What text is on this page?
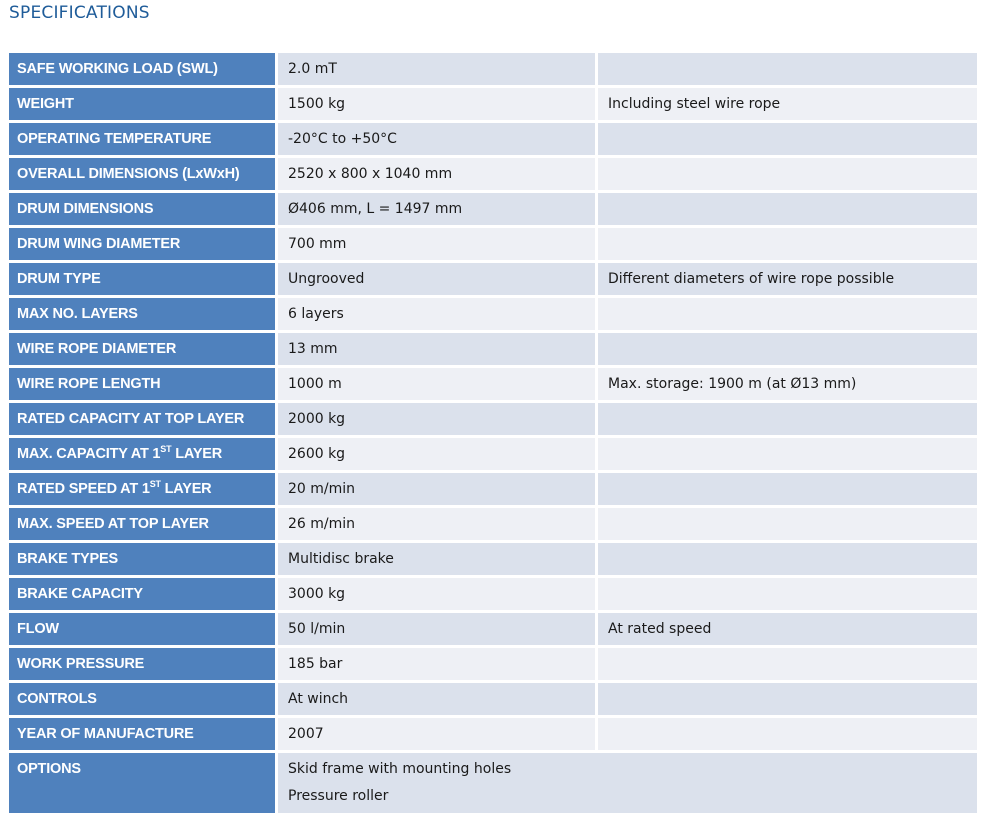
SPECIFICATIONS
SAFE WORKING LOAD (SWL)	2.0 mT	
WEIGHT	1500 kg	Including steel wire rope
OPERATING TEMPERATURE	-20°C to +50°C	
OVERALL DIMENSIONS (LxWxH)	2520 x 800 x 1040 mm	
DRUM DIMENSIONS	Ø406 mm, L = 1497 mm	
DRUM WING DIAMETER	700 mm	
DRUM TYPE	Ungrooved	Different diameters of wire rope possible
MAX NO. LAYERS	6 layers	
WIRE ROPE DIAMETER	13 mm	
WIRE ROPE LENGTH	1000 m	Max. storage: 1900 m (at Ø13 mm)
RATED CAPACITY AT TOP LAYER	2000 kg	
MAX. CAPACITY AT 1ST LAYER	2600 kg	
RATED SPEED AT 1ST LAYER	20 m/min	
MAX. SPEED AT TOP LAYER	26 m/min	
BRAKE TYPES	Multidisc brake	
BRAKE CAPACITY	3000 kg	
FLOW	50 l/min	At rated speed
WORK PRESSURE	185 bar	
CONTROLS	At winch	
YEAR OF MANUFACTURE	2007	
OPTIONS	Skid frame with mounting holes
Pressure roller	
